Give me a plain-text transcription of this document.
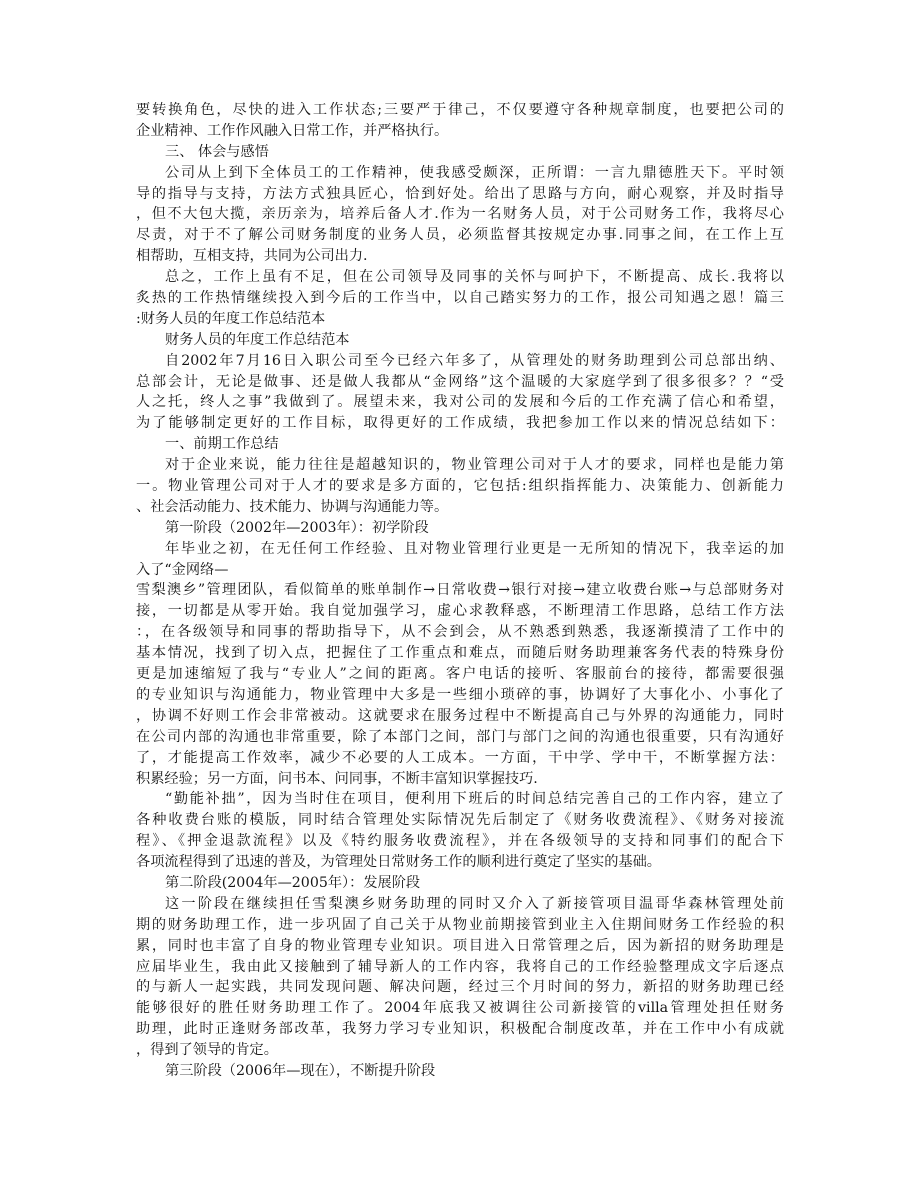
要转换角色，尽快的进入工作状态;三要严于律己，不仅要遵守各种规章制度，也要把公司的
企业精神、工作作风融入日常工作，并严格执行。
三、 体会与感悟
公司从上到下全体员工的工作精神，使我感受颇深，正所谓：一言九鼎德胜天下。平时领
导的指导与支持，方法方式独具匠心，恰到好处。给出了思路与方向，耐心观察，并及时指导
，但不大包大揽，亲历亲为，培养后备人才.作为一名财务人员，对于公司财务工作，我将尽心
尽责，对于不了解公司财务制度的业务人员，必须监督其按规定办事.同事之间，在工作上互
相帮助，互相支持，共同为公司出力.
总之，工作上虽有不足，但在公司领导及同事的关怀与呵护下，不断提高、成长.我将以
炙热的工作热情继续投入到今后的工作当中，以自己踏实努力的工作，报公司知遇之恩！篇三
:财务人员的年度工作总结范本
财务人员的年度工作总结范本
自2002年7月16日入职公司至今已经六年多了，从管理处的财务助理到公司总部出纳、
总部会计，无论是做事、还是做人我都从“金网络”这个温暖的大家庭学到了很多很多？？“受
人之托，终人之事”我做到了。展望未来，我对公司的发展和今后的工作充满了信心和希望，
为了能够制定更好的工作目标，取得更好的工作成绩，我把参加工作以来的情况总结如下：
一、前期工作总结
对于企业来说，能力往往是超越知识的，物业管理公司对于人才的要求，同样也是能力第
一。物业管理公司对于人才的要求是多方面的，它包括:组织指挥能力、决策能力、创新能力
、社会活动能力、技术能力、协调与沟通能力等。
第一阶段（2002年—2003年）：初学阶段
年毕业之初，在无任何工作经验、且对物业管理行业更是一无所知的情况下，我幸运的加
入了“金网络—
雪梨澳乡”管理团队，看似简单的账单制作→日常收费→银行对接→建立收费台账→与总部财务对
接，一切都是从零开始。我自觉加强学习，虚心求教释惑，不断理清工作思路，总结工作方法
：，在各级领导和同事的帮助指导下，从不会到会，从不熟悉到熟悉，我逐渐摸清了工作中的
基本情况，找到了切入点，把握住了工作重点和难点，而随后财务助理兼客务代表的特殊身份
更是加速缩短了我与“专业人”之间的距离。客户电话的接听、客服前台的接待，都需要很强
的专业知识与沟通能力，物业管理中大多是一些细小琐碎的事，协调好了大事化小、小事化了
，协调不好则工作会非常被动。这就要求在服务过程中不断提高自己与外界的沟通能力，同时
在公司内部的沟通也非常重要，除了本部门之间，部门与部门之间的沟通也很重要，只有沟通好
了，才能提高工作效率，减少不必要的人工成本。一方面，干中学、学中干，不断掌握方法：
积累经验；另一方面，问书本、问同事，不断丰富知识掌握技巧.
“勤能补拙”，因为当时住在项目，便利用下班后的时间总结完善自己的工作内容，建立了
各种收费台账的模版，同时结合管理处实际情况先后制定了《财务收费流程》、《财务对接流
程》、《押金退款流程》以及《特约服务收费流程》，并在各级领导的支持和同事们的配合下
各项流程得到了迅速的普及，为管理处日常财务工作的顺利进行奠定了坚实的基础。
第二阶段(2004年—2005年）：发展阶段
这一阶段在继续担任雪梨澳乡财务助理的同时又介入了新接管项目温哥华森林管理处前
期的财务助理工作，进一步巩固了自己关于从物业前期接管到业主入住期间财务工作经验的积
累，同时也丰富了自身的物业管理专业知识。项目进入日常管理之后，因为新招的财务助理是
应届毕业生，我由此又接触到了辅导新人的工作内容，我将自己的工作经验整理成文字后逐点
的与新人一起实践，共同发现问题、解决问题，经过三个月时间的努力，新招的财务助理已经
能够很好的胜任财务助理工作了。2004年底我又被调往公司新接管的villa管理处担任财务
助理，此时正逢财务部改革，我努力学习专业知识，积极配合制度改革，并在工作中小有成就
，得到了领导的肯定。
第三阶段（2006年—现在），不断提升阶段
